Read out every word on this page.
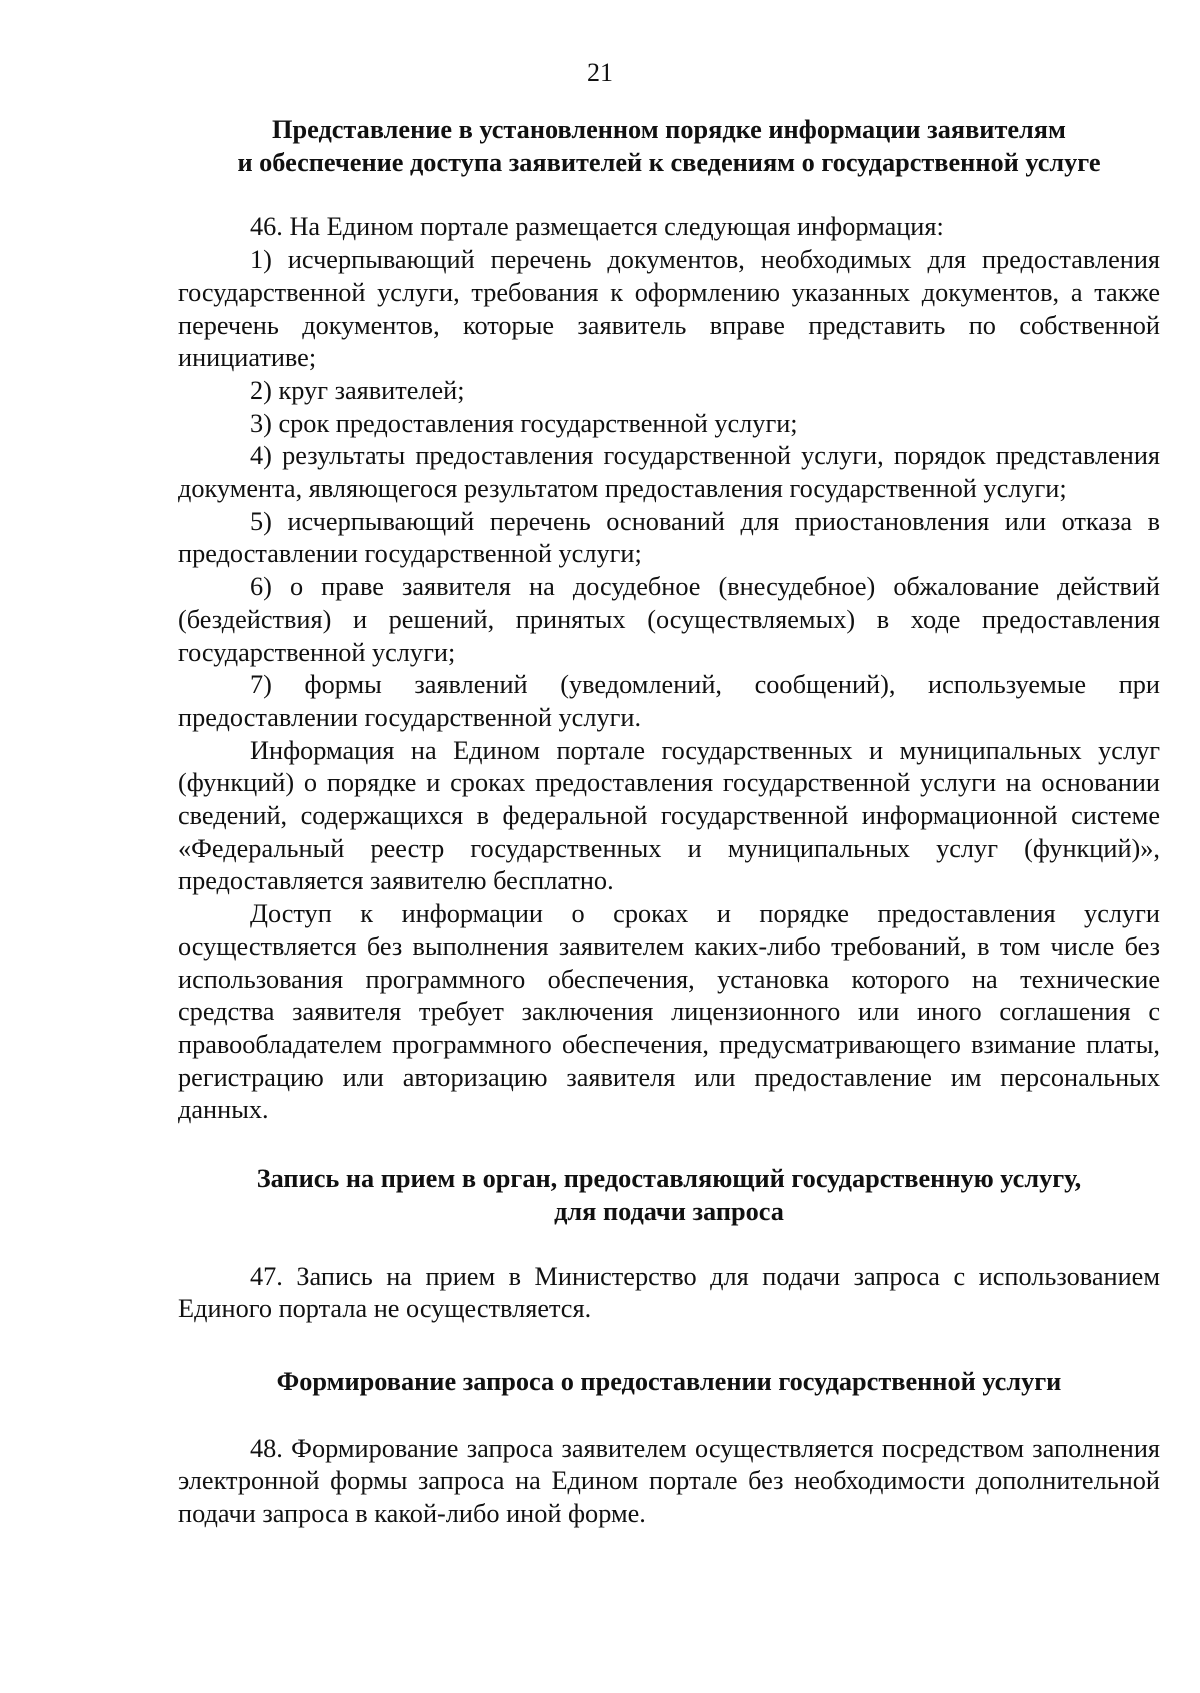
21
Представление в установленном порядке информации заявителям
и обеспечение доступа заявителей к сведениям о государственной услуге

46. На Едином портале размещается следующая информация:

1) исчерпывающий перечень документов, необходимых для предоставления государственной услуги, требования к оформлению указанных документов, а также перечень документов, которые заявитель вправе представить по собственной инициативе;

2) круг заявителей;

3) срок предоставления государственной услуги;

4) результаты предоставления государственной услуги, порядок представления документа, являющегося результатом предоставления государственной услуги;

5) исчерпывающий перечень оснований для приостановления или отказа в предоставлении государственной услуги;

6) о праве заявителя на досудебное (внесудебное) обжалование действий (бездействия) и решений, принятых (осуществляемых) в ходе предоставления государственной услуги;

7) формы заявлений (уведомлений, сообщений), используемые при предоставлении государственной услуги.

Информация на Едином портале государственных и муниципальных услуг (функций) о порядке и сроках предоставления государственной услуги на основании сведений, содержащихся в федеральной государственной информационной системе «Федеральный реестр государственных и муниципальных услуг (функций)», предоставляется заявителю бесплатно.

Доступ к информации о сроках и порядке предоставления услуги осуществляется без выполнения заявителем каких-либо требований, в том числе без использования программного обеспечения, установка которого на технические средства заявителя требует заключения лицензионного или иного соглашения с правообладателем программного обеспечения, предусматривающего взимание платы, регистрацию или авторизацию заявителя или предоставление им персональных данных.

Запись на прием в орган, предоставляющий государственную услугу,
для подачи запроса

47. Запись на прием в Министерство для подачи запроса с использованием Единого портала не осуществляется.

Формирование запроса о предоставлении государственной услуги

48. Формирование запроса заявителем осуществляется посредством заполнения электронной формы запроса на Едином портале без необходимости дополнительной подачи запроса в какой-либо иной форме.
